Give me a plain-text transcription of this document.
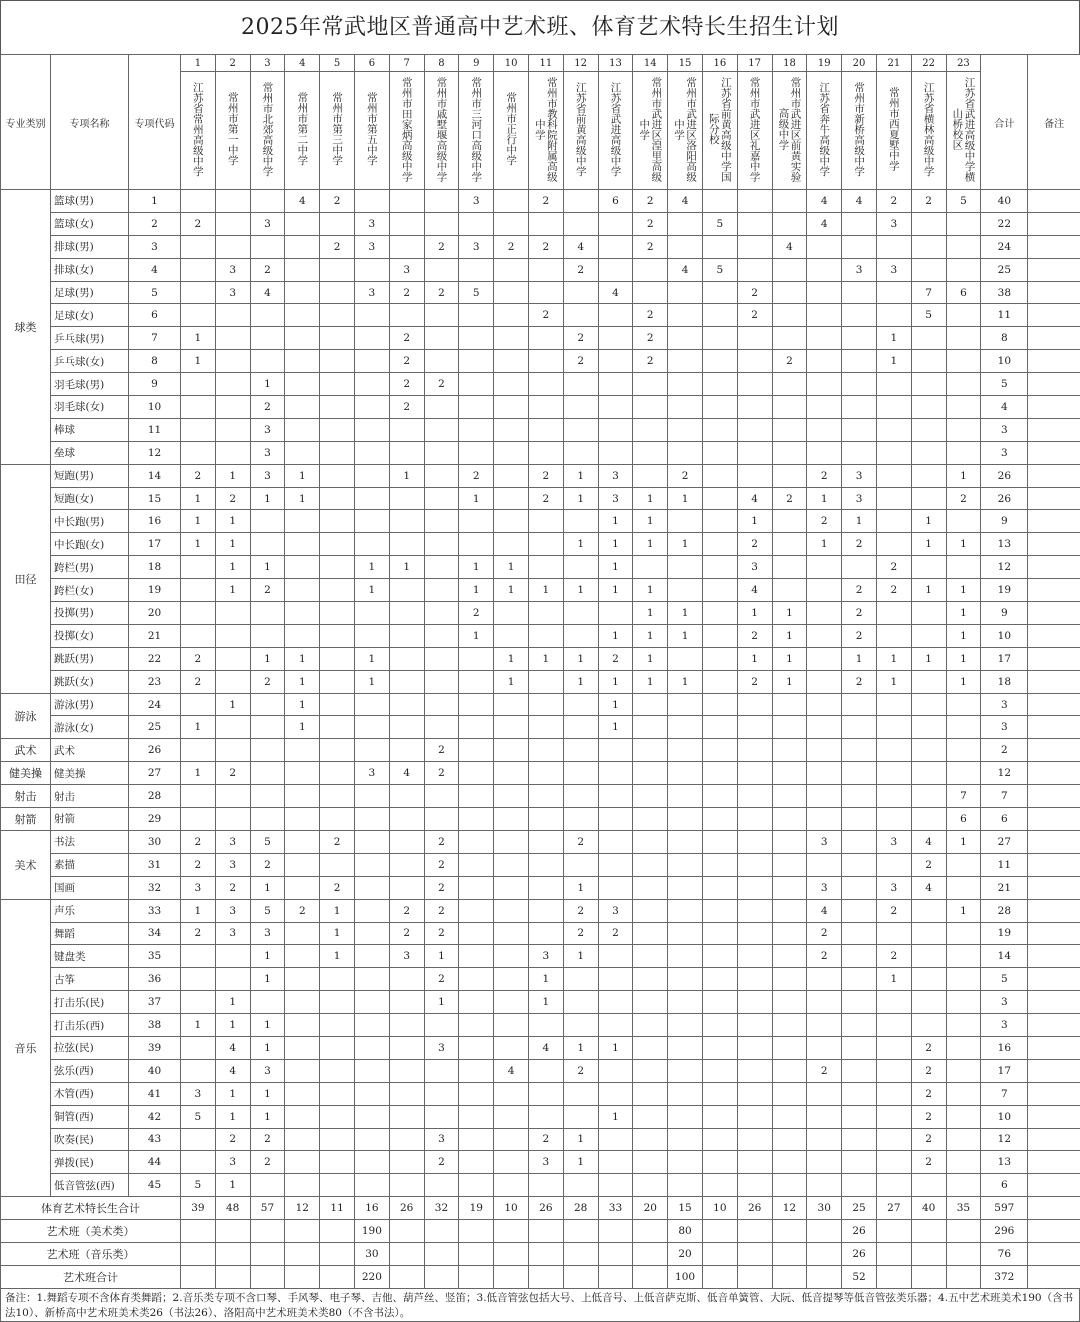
2025年常武地区普通高中艺术班、体育艺术特长生招生计划
专业类别	专项名称	专项代码	1	2	3	4	5	6	7	8	9	10	11	12	13	14	15	16	17	18	19	20	21	22	23	合计	备注
			江苏省常州高级中学	常州市第一中学	常州市北郊高级中学	常州市第二中学	常州市第三中学	常州市第五中学	常州市田家炳高级中学	常州市戚墅堰高级中学	常州市三河口高级中学	常州市正行中学	常州市教科院附属高级中学	江苏省前黄高级中学	江苏省武进高级中学	常州市武进区湟里高级中学	常州市武进区洛阳高级中学	江苏省前黄高级中学国际分校	常州市武进区礼嘉中学	常州市武进区前黄实验高级中学	江苏省奔牛高级中学	常州市新桥高级中学	常州市西夏墅中学	江苏省横林高级中学	江苏省武进高级中学横山桥校区		
球类	篮球(男)	1				4	2				3		2		6	2	4				4	4	2	2	5	40	
	篮球(女)	2	2		3			3								2		5			4		3			22	
	排球(男)	3					2	3		2	3	2	2	4		2				4						24	
	排球(女)	4		3	2				3					2			4	5				3	3			25	
	足球(男)	5		3	4			3	2	2	5				4				2					7	6	38	
	足球(女)	6											2			2			2					5		11	
	乒乓球(男)	7	1						2					2		2							1			8	
	乒乓球(女)	8	1						2					2		2				2			1			10	
	羽毛球(男)	9			1				2	2																5	
	羽毛球(女)	10			2				2																	4	
	棒球	11			3																					3	
	垒球	12			3																					3	
田径	短跑(男)	14	2	1	3	1			1		2		2	1	3		2				2	3			1	26	
	短跑(女)	15	1	2	1	1					1		2	1	3	1	1		4	2	1	3			2	26	
	中长跑(男)	16	1	1											1	1			1		2	1		1		9	
	中长跑(女)	17	1	1										1	1	1	1		2		1	2		1	1	13	
	跨栏(男)	18		1	1			1	1		1	1			1				3				2			12	
	跨栏(女)	19		1	2			1			1	1	1	1	1	1			4			2	2	1	1	19	
	投掷(男)	20									2					1	1		1	1		2			1	9	
	投掷(女)	21									1				1	1	1		2	1		2			1	10	
	跳跃(男)	22	2		1	1		1				1	1	1	2	1			1	1		1	1	1	1	17	
	跳跃(女)	23	2		2	1		1				1		1	1	1	1		2	1		2	1		1	18	
游泳	游泳(男)	24		1		1									1											3	
	游泳(女)	25	1			1									1											3	
武术	武术	26								2																2	
健美操	健美操	27	1	2				3	4	2																12	
射击	射击	28																							7	7	
射箭	射箭	29																							6	6	
美术	书法	30	2	3	5		2			2				2							3		3	4	1	27	
	素描	31	2	3	2					2														2		11	
	国画	32	3	2	1		2			2				1							3		3	4		21	
音乐	声乐	33	1	3	5	2	1		2	2				2	3						4		2		1	28	
	舞蹈	34	2	3	3		1		2	2				2	2						2					19	
	键盘类	35			1		1		3	1			3	1							2		2			14	
	古筝	36			1					2			1										1			5	
	打击乐(民)	37		1						1			1													3	
	打击乐(西)	38	1	1	1																					3	
	拉弦(民)	39		4	1					3			4	1	1									2		16	
	弦乐(西)	40		4	3							4		2							2			2		17	
	木管(西)	41	3	1	1																			2		7	
	铜管(西)	42	5	1	1										1									2		10	
	吹奏(民)	43		2	2					3			2	1										2		12	
	弹拨(民)	44		3	2					2			3	1										2		13	
	低音管弦(西)	45	5	1																						6	
体育艺术特长生合计			39	48	57	12	11	16	26	32	19	10	26	28	33	20	15	10	26	12	30	25	27	40	35	597	
艺术班（美术类）								190									80					26				296	
艺术班（音乐类）								30									20					26				76	
艺术班合计								220									100					52				372	
备注：1.舞蹈专项不含体育类舞蹈；2.音乐类专项不含口琴、手风琴、电子琴、吉他、葫芦丝、竖笛；3.低音管弦包括大号、上低音号、上低音萨克斯、低音单簧管、大阮、低音提琴等低音管弦类乐器；4.五中艺术班美术190（含书法10）、新桥高中艺术班美术类26（书法26）、洛阳高中艺术班美术类80（不含书法）。
